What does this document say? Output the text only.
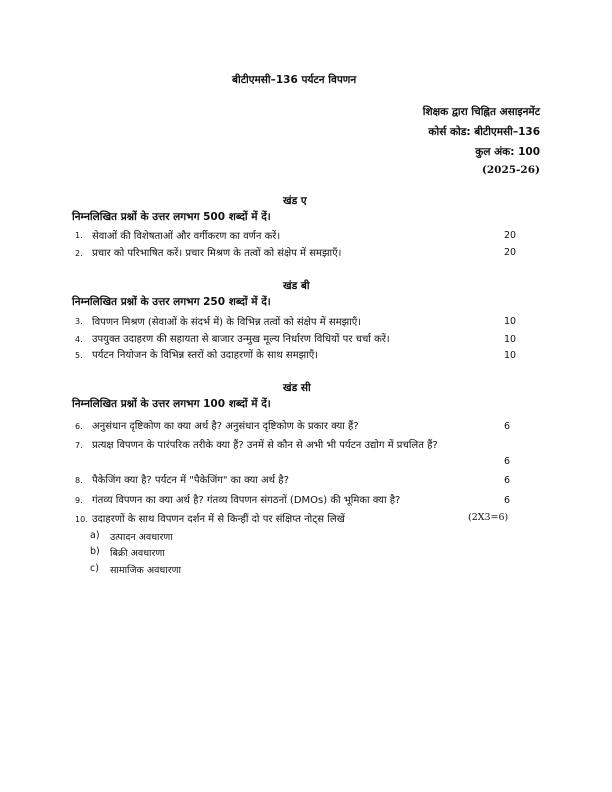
बीटीएमसी–136 पर्यटन विपणन
शिक्षक द्वारा चिह्नित असाइनमेंट
कोर्स कोड: बीटीएमसी–136
कुल अंक: 100
(2025-26)
खंड ए
निम्नलिखित प्रश्नों के उत्तर लगभग 500 शब्दों में दें।
1. सेवाओं की विशेषताओं और वर्गीकरण का वर्णन करें।	20
2. प्रचार को परिभाषित करें। प्रचार मिश्रण के तत्वों को संक्षेप में समझाएँ।	20
खंड बी
निम्नलिखित प्रश्नों के उत्तर लगभग 250 शब्दों में दें।
3. विपणन मिश्रण (सेवाओं के संदर्भ में) के विभिन्न तत्वों को संक्षेप में समझाएँ।	10
4. उपयुक्त उदाहरण की सहायता से बाजार उन्मुख मूल्य निर्धारण विधियों पर चर्चा करें।	10
5. पर्यटन नियोजन के विभिन्न स्तरों को उदाहरणों के साथ समझाएँ।	10
खंड सी
निम्नलिखित प्रश्नों के उत्तर लगभग 100 शब्दों में दें।
6. अनुसंधान दृष्टिकोण का क्या अर्थ है? अनुसंधान दृष्टिकोण के प्रकार क्या हैं?	6
7. प्रत्यक्ष विपणन के पारंपरिक तरीके क्या हैं? उनमें से कौन से अभी भी पर्यटन उद्योग में प्रचलित हैं?
6
8. पैकेजिंग क्या है? पर्यटन में "पैकेजिंग" का क्या अर्थ है?	6
9. गंतव्य विपणन का क्या अर्थ है? गंतव्य विपणन संगठनों (DMOs) की भूमिका क्या है?	6
10. उदाहरणों के साथ विपणन दर्शन में से किन्हीं दो पर संक्षिप्त नोट्स लिखें	(2X3=6)
a) उत्पादन अवधारणा
b) बिक्री अवधारणा
c) सामाजिक अवधारणा
